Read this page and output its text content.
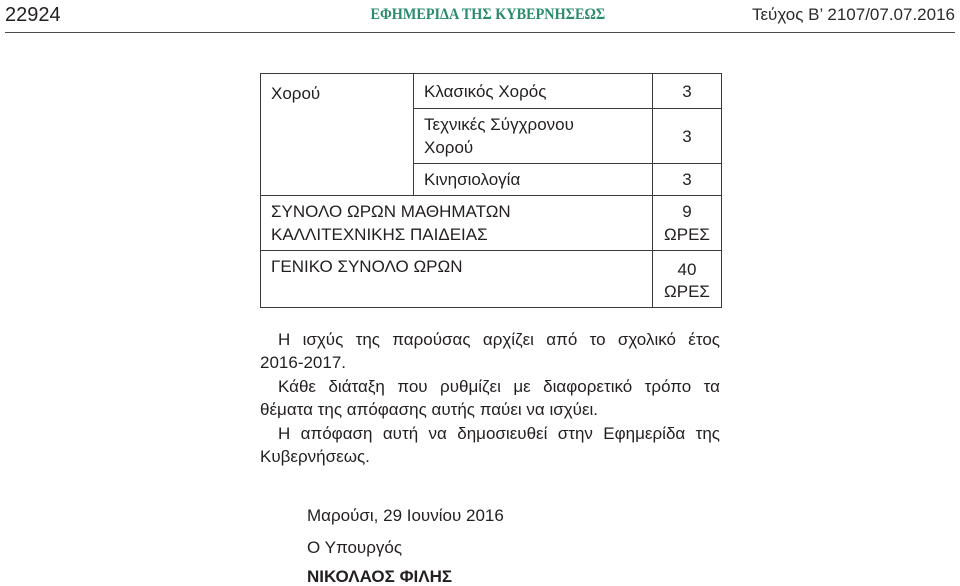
22924	ΕΦΗΜΕΡΙΔΑ ΤΗΣ ΚΥΒΕΡΝΗΣΕΩΣ	Τεύχος Β’ 2107/07.07.2016
Χορού	Κλασικός Χορός	3

	Τεχνικές Σύγχρονου
Χορού	3

	Κινησιολογία	3

ΣΥΝΟΛΟ ΩΡΩΝ ΜΑΘΗΜΑΤΩΝ
ΚΑΛΛΙΤΕΧΝΙΚΗΣ ΠΑΙΔΕΙΑΣ		9
ΩΡΕΣ

ΓΕΝΙΚΟ ΣΥΝΟΛΟ ΩΡΩΝ		40
ΩΡΕΣ
Η ισχύς της παρούσας αρχίζει από το σχολικό έτος
2016-2017.
Κάθε διάταξη που ρυθμίζει με διαφορετικό τρόπο τα
θέματα της απόφασης αυτής παύει να ισχύει.
Η απόφαση αυτή να δημοσιευθεί στην Εφημερίδα της
Κυβερνήσεως.
Μαρούσι, 29 Ιουνίου 2016
Ο Υπουργός
ΝΙΚΟΛΑΟΣ ΦΙΛΗΣ
